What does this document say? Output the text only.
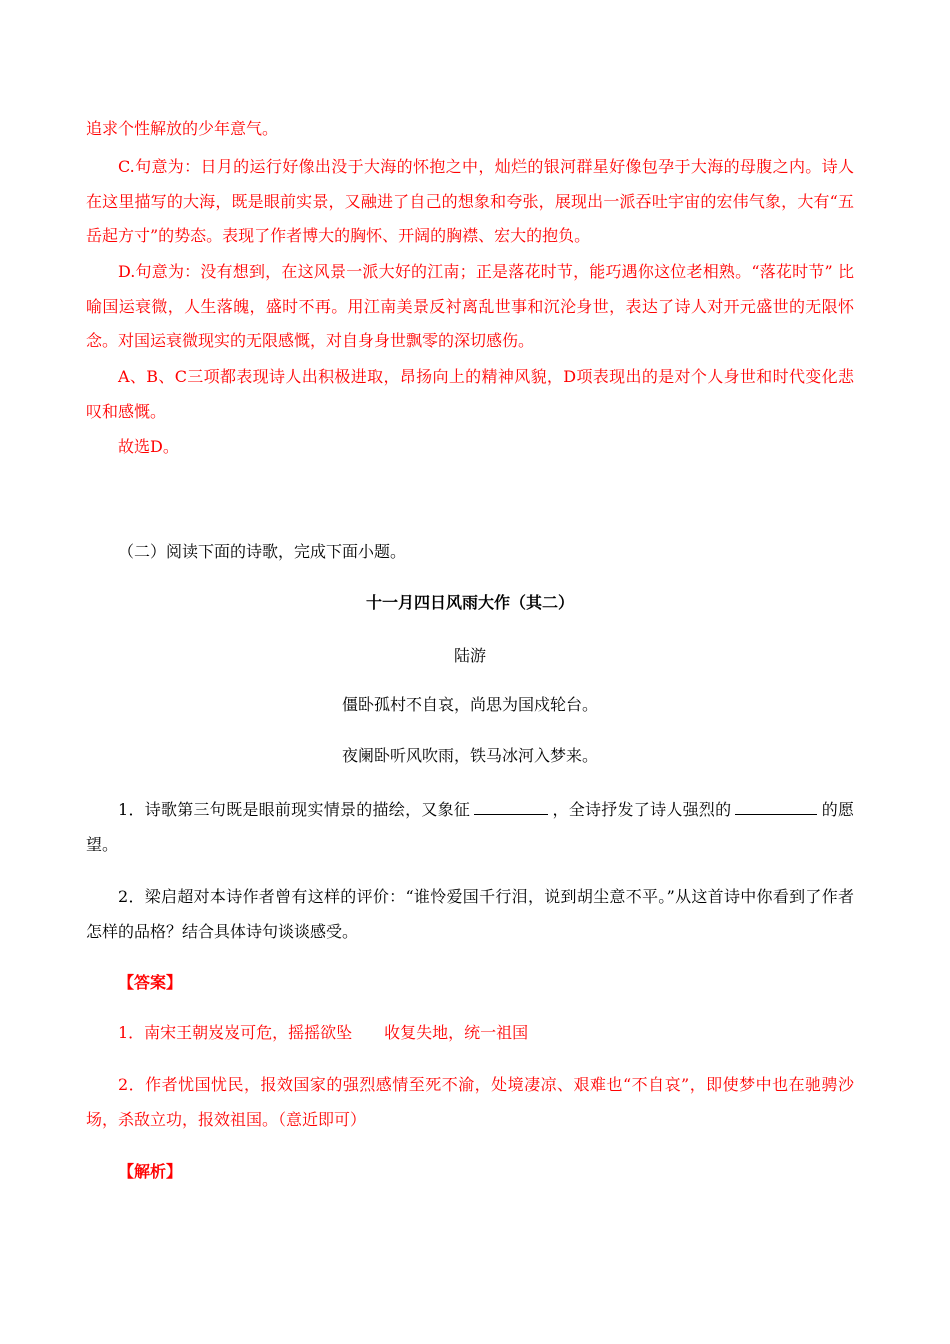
追求个性解放的少年意气。
C.句意为：日月的运行好像出没于大海的怀抱之中，灿烂的银河群星好像包孕于大海的母腹之内。诗人在这里描写的大海，既是眼前实景，又融进了自己的想象和夸张，展现出一派吞吐宇宙的宏伟气象，大有“五岳起方寸”的势态。表现了作者博大的胸怀、开阔的胸襟、宏大的抱负。
D.句意为：没有想到，在这风景一派大好的江南；正是落花时节，能巧遇你这位老相熟。“落花时节” 比喻国运衰微，人生落魄，盛时不再。用江南美景反衬离乱世事和沉沦身世，表达了诗人对开元盛世的无限怀念。对国运衰微现实的无限感慨，对自身身世飘零的深切感伤。
A、B、C三项都表现诗人出积极进取，昂扬向上的精神风貌，D项表现出的是对个人身世和时代变化悲叹和感慨。
故选D。
（二）阅读下面的诗歌，完成下面小题。
十一月四日风雨大作（其二）
陆游
僵卧孤村不自哀，尚思为国戍轮台。
夜阑卧听风吹雨，铁马冰河入梦来。
1．诗歌第三句既是眼前现实情景的描绘，又象征	，全诗抒发了诗人强烈的	的愿望。
2．梁启超对本诗作者曾有这样的评价：“谁怜爱国千行泪，说到胡尘意不平。”从这首诗中你看到了作者怎样的品格？结合具体诗句谈谈感受。
【答案】
1．南宋王朝岌岌可危，摇摇欲坠　　收复失地，统一祖国
2．作者忧国忧民，报效国家的强烈感情至死不渝，处境凄凉、艰难也“不自哀”，即使梦中也在驰骋沙场，杀敌立功，报效祖国。（意近即可）
【解析】
